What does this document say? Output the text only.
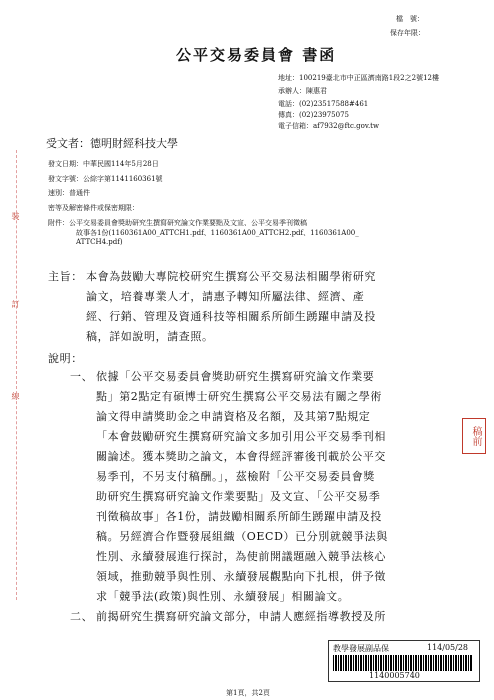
檔　號：
保存年限：
公平交易委員會 書函
地址：100219臺北市中正區濟南路1段2之2號12樓
承辦人：陳惠君
電話：(02)23517588#461
傳真：(02)23975075
電子信箱：af7932@ftc.gov.tw
受文者：德明財經科技大學
發文日期：中華民國114年5月28日
發文字號：公綜字第1141160361號
速別：普通件
密等及解密條件或保密期限：
附件：公平交易委員會獎助研究生撰寫研究論文作業要點及文宣、公平交易季刊徵稿
故事各1份(1160361A00_ATTCH1.pdf、1160361A00_ATTCH2.pdf、1160361A00_
ATTCH4.pdf)
裝
訂
線
主旨： 本會為鼓勵大專院校研究生撰寫公平交易法相關學術研究
論文，培養專業人才，請惠予轉知所屬法律、經濟、產
經、行銷、管理及資通科技等相關系所師生踴躍申請及投
稿，詳如說明，請查照。
說明：
一、 依據「公平交易委員會獎助研究生撰寫研究論文作業要
點」第2點定有碩博士研究生撰寫公平交易法有關之學術
論文得申請獎助金之申請資格及名額，及其第7點規定
「本會鼓勵研究生撰寫研究論文多加引用公平交易季刊相
關論述。獲本獎助之論文，本會得經評審後刊載於公平交
易季刊，不另支付稿酬。」，茲檢附「公平交易委員會獎
助研究生撰寫研究論文作業要點」及文宣、「公平交易季
刊徵稿故事」各1份，請鼓勵相關系所師生踴躍申請及投
稿。另經濟合作暨發展組織（OECD）已分別就競爭法與
性別、永續發展進行探討，為使前開議題融入競爭法核心
領域，推動競爭與性別、永續發展觀點向下扎根，併予徵
求「競爭法(政策)與性別、永續發展」相關論文。
二、 前揭研究生撰寫研究論文部分，申請人應經指導教授及所
稿前
教學發展副品保	114/05/28
1140005740
第1頁，共2頁
